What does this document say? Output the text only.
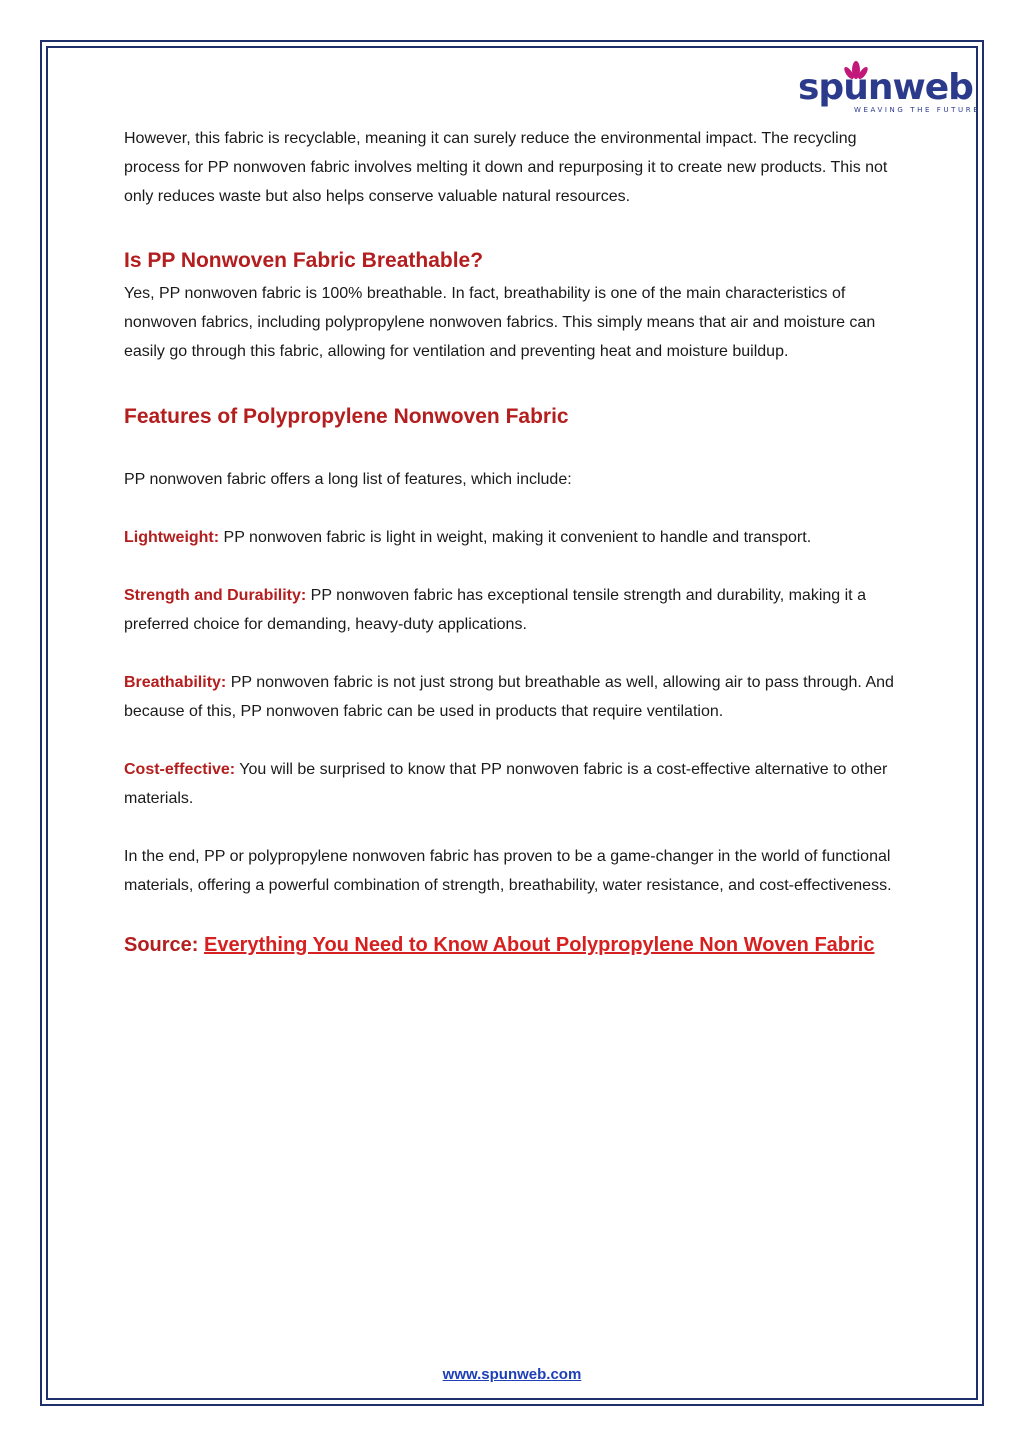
spunweb
WEAVING THE FUTURE

However, this fabric is recyclable, meaning it can surely reduce the environmental impact. The recycling process for PP nonwoven fabric involves melting it down and repurposing it to create new products. This not only reduces waste but also helps conserve valuable natural resources.

Is PP Nonwoven Fabric Breathable?

Yes, PP nonwoven fabric is 100% breathable. In fact, breathability is one of the main characteristics of nonwoven fabrics, including polypropylene nonwoven fabrics. This simply means that air and moisture can easily go through this fabric, allowing for ventilation and preventing heat and moisture buildup.

Features of Polypropylene Nonwoven Fabric

PP nonwoven fabric offers a long list of features, which include:

Lightweight: PP nonwoven fabric is light in weight, making it convenient to handle and transport.

Strength and Durability: PP nonwoven fabric has exceptional tensile strength and durability, making it a preferred choice for demanding, heavy-duty applications.

Breathability: PP nonwoven fabric is not just strong but breathable as well, allowing air to pass through. And because of this, PP nonwoven fabric can be used in products that require ventilation.

Cost-effective: You will be surprised to know that PP nonwoven fabric is a cost-effective alternative to other materials.

In the end, PP or polypropylene nonwoven fabric has proven to be a game-changer in the world of functional materials, offering a powerful combination of strength, breathability, water resistance, and cost-effectiveness.

Source: Everything You Need to Know About Polypropylene Non Woven Fabric

www.spunweb.com
